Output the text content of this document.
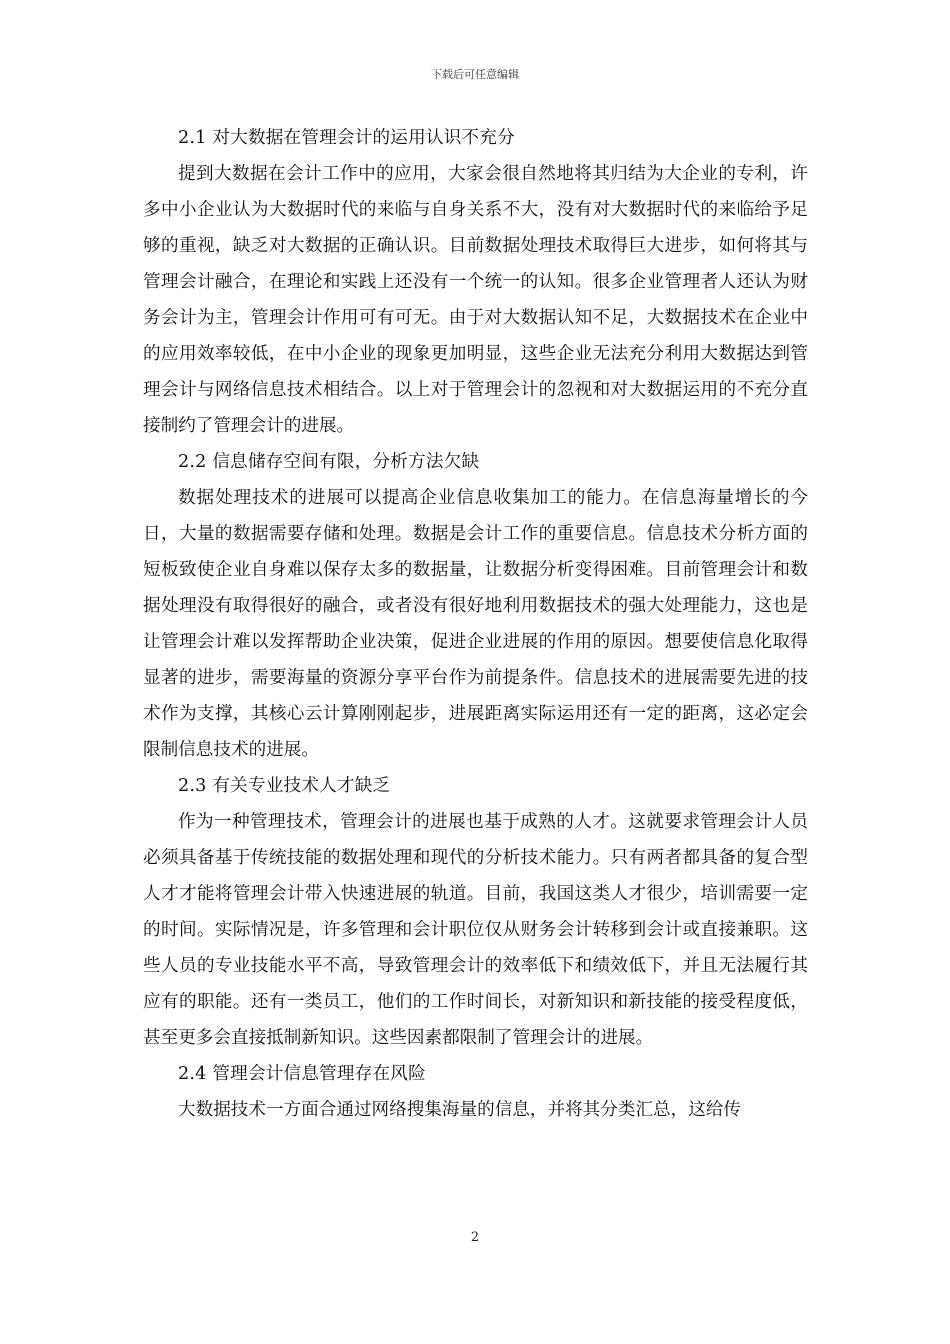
下载后可任意编辑

2.1 对大数据在管理会计的运用认识不充分

提到大数据在会计工作中的应用，大家会很自然地将其归结为大企业的专利，许多中小企业认为大数据时代的来临与自身关系不大，没有对大数据时代的来临给予足够的重视，缺乏对大数据的正确认识。目前数据处理技术取得巨大进步，如何将其与管理会计融合，在理论和实践上还没有一个统一的认知。很多企业管理者人还认为财务会计为主，管理会计作用可有可无。由于对大数据认知不足，大数据技术在企业中的应用效率较低，在中小企业的现象更加明显，这些企业无法充分利用大数据达到管理会计与网络信息技术相结合。以上对于管理会计的忽视和对大数据运用的不充分直接制约了管理会计的进展。

2.2 信息储存空间有限，分析方法欠缺

数据处理技术的进展可以提高企业信息收集加工的能力。在信息海量增长的今日，大量的数据需要存储和处理。数据是会计工作的重要信息。信息技术分析方面的短板致使企业自身难以保存太多的数据量，让数据分析变得困难。目前管理会计和数据处理没有取得很好的融合，或者没有很好地利用数据技术的强大处理能力，这也是让管理会计难以发挥帮助企业决策，促进企业进展的作用的原因。想要使信息化取得显著的进步，需要海量的资源分享平台作为前提条件。信息技术的进展需要先进的技术作为支撑，其核心云计算刚刚起步，进展距离实际运用还有一定的距离，这必定会限制信息技术的进展。

2.3 有关专业技术人才缺乏

作为一种管理技术，管理会计的进展也基于成熟的人才。这就要求管理会计人员必须具备基于传统技能的数据处理和现代的分析技术能力。只有两者都具备的复合型人才才能将管理会计带入快速进展的轨道。目前，我国这类人才很少，培训需要一定的时间。实际情况是，许多管理和会计职位仅从财务会计转移到会计或直接兼职。这些人员的专业技能水平不高，导致管理会计的效率低下和绩效低下，并且无法履行其应有的职能。还有一类员工，他们的工作时间长，对新知识和新技能的接受程度低，甚至更多会直接抵制新知识。这些因素都限制了管理会计的进展。

2.4 管理会计信息管理存在风险

大数据技术一方面合通过网络搜集海量的信息，并将其分类汇总，这给传

2
